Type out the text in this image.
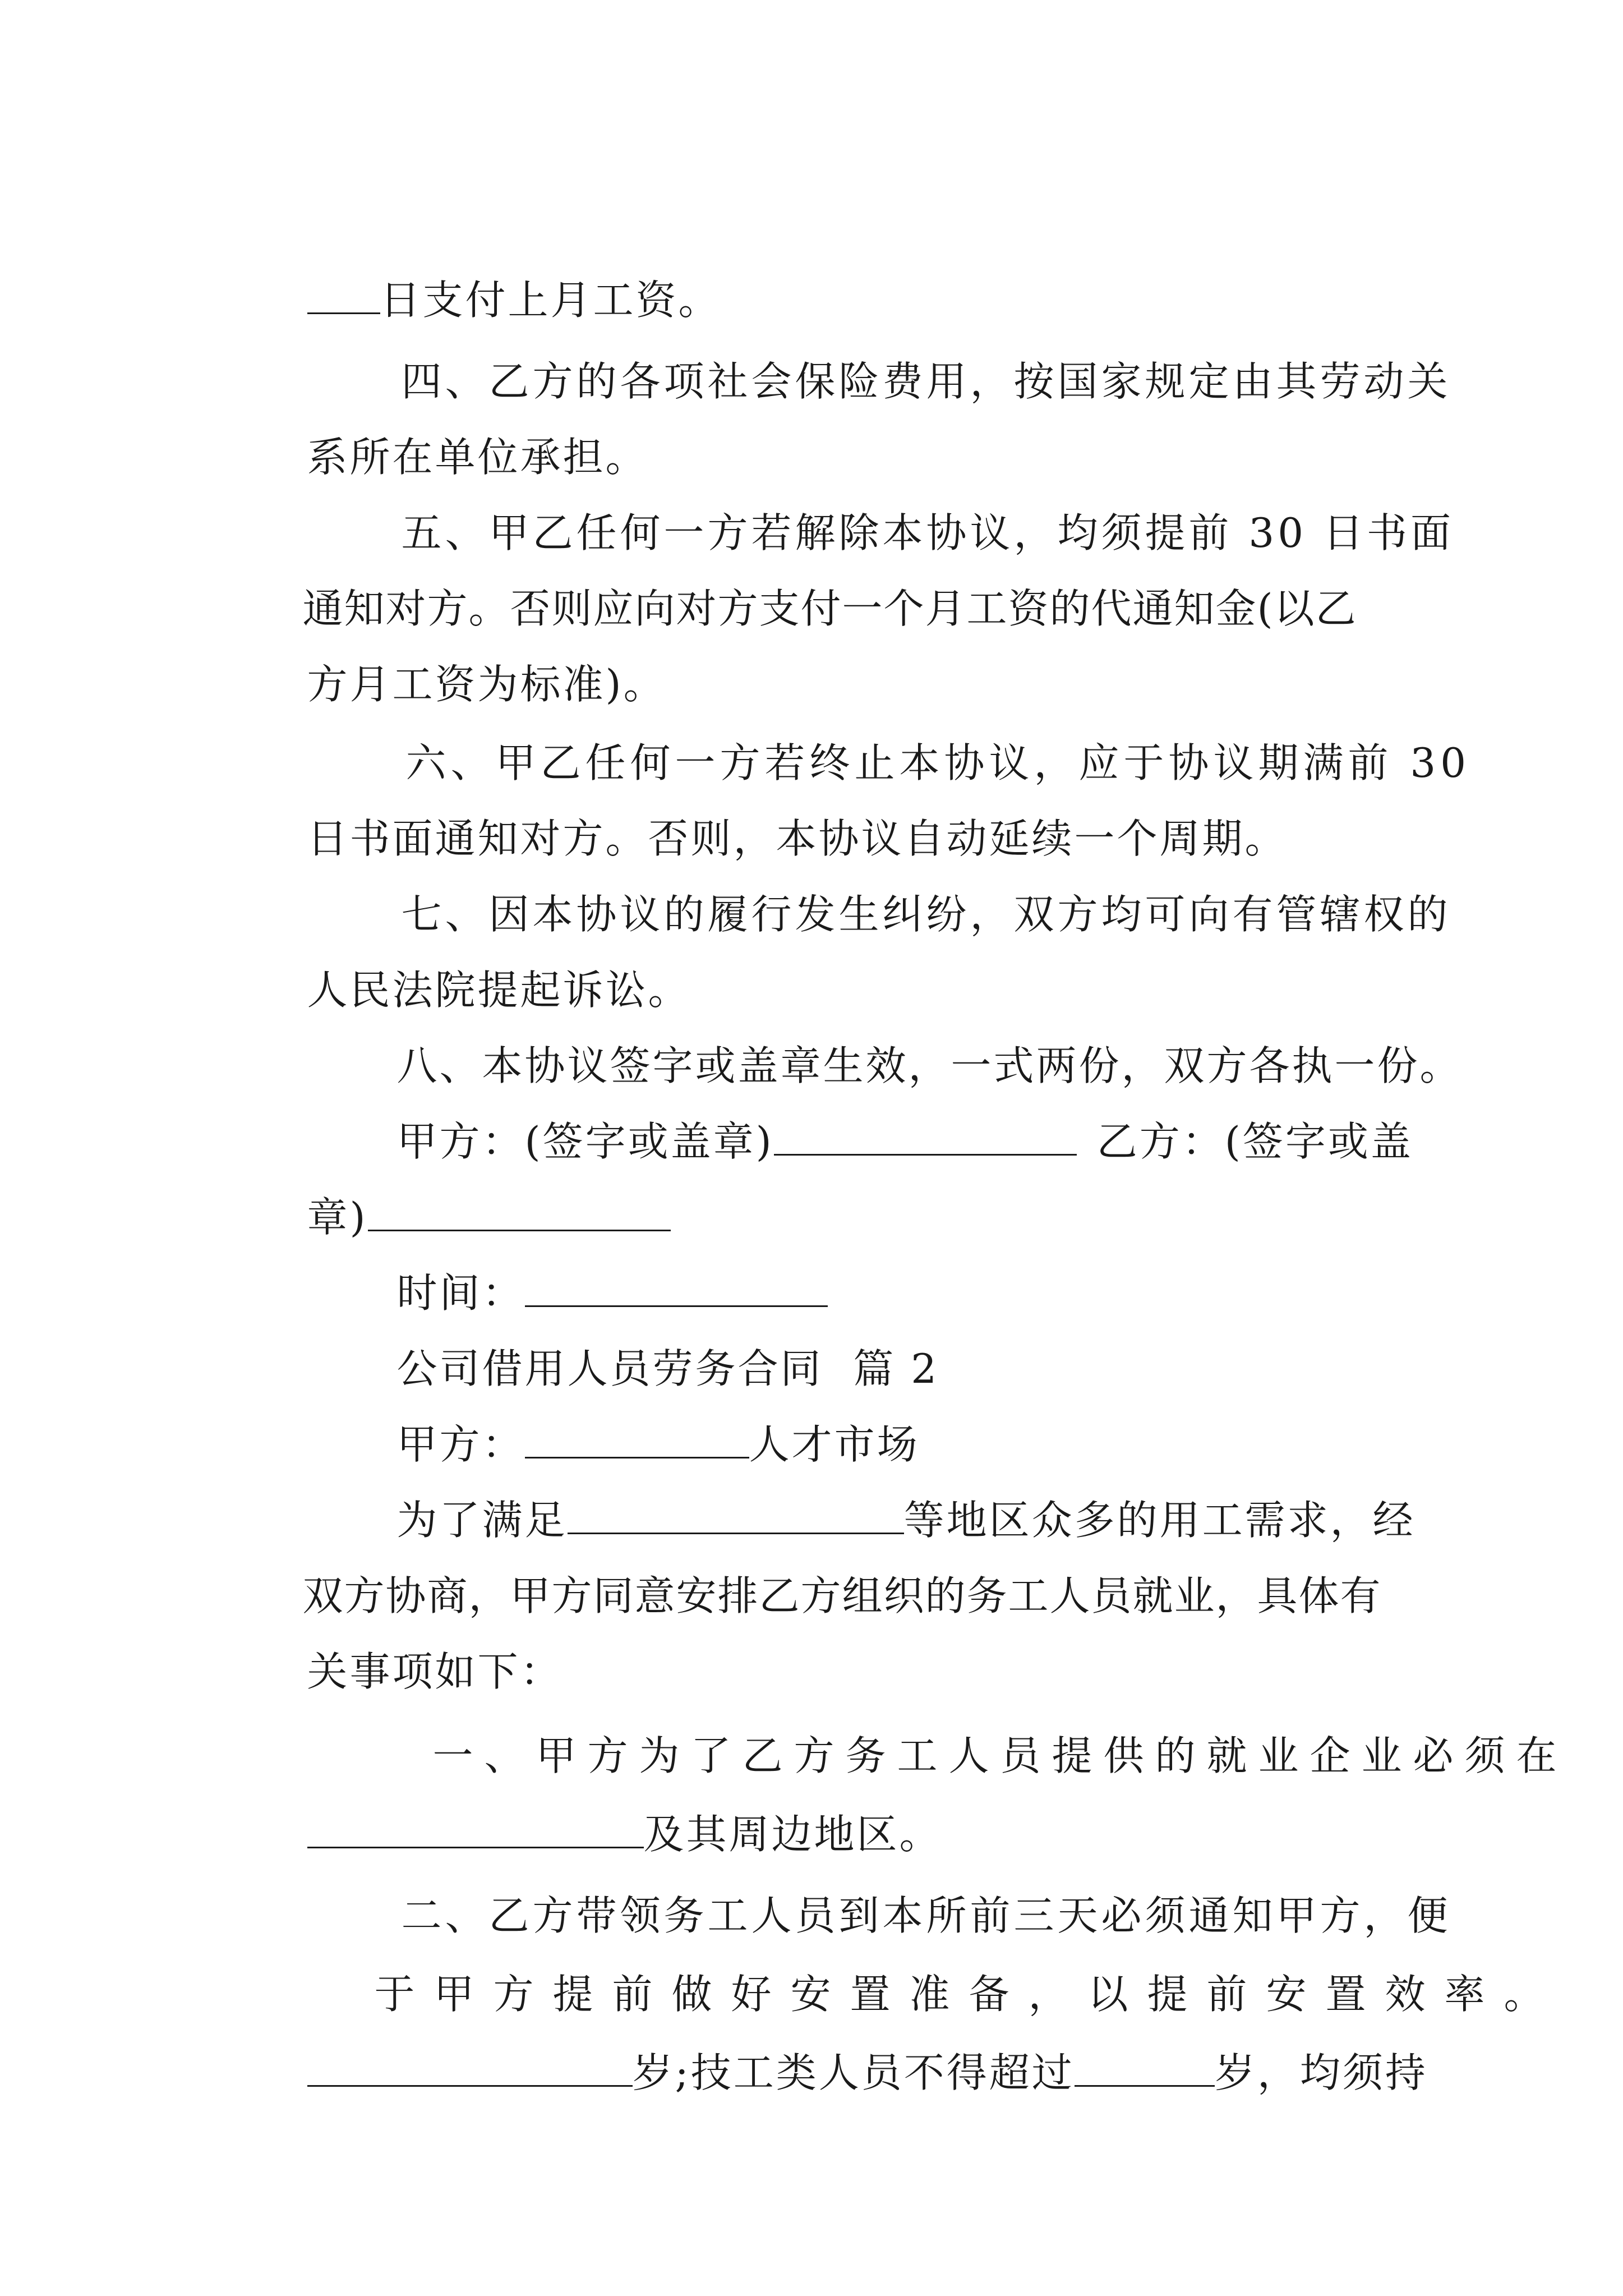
日支付上月工资。

四、乙方的各项社会保险费用，按国家规定由其劳动关

系所在单位承担。

五、甲乙任何一方若解除本协议，均须提前 30 日书面

通知对方。否则应向对方支付一个月工资的代通知金(以乙

方月工资为标准)。

六、甲乙任何一方若终止本协议，应于协议期满前 30

日书面通知对方。否则，本协议自动延续一个周期。

七、因本协议的履行发生纠纷，双方均可向有管辖权的

人民法院提起诉讼。

八、本协议签字或盖章生效，一式两份，双方各执一份。

甲方：(签字或盖章)	乙方：(签字或盖

章)

时间：

公司借用人员劳务合同  篇 2

甲方：	人才市场

为了满足	等地区众多的用工需求，经

双方协商，甲方同意安排乙方组织的务工人员就业，具体有

关事项如下：

一、甲方为了乙方务工人员提供的就业企业必须在

及其周边地区。

二、乙方带领务工人员到本所前三天必须通知甲方，便

于甲方提前做好安置准备，以提前安置效率。

岁;技工类人员不得超过	岁，均须持
